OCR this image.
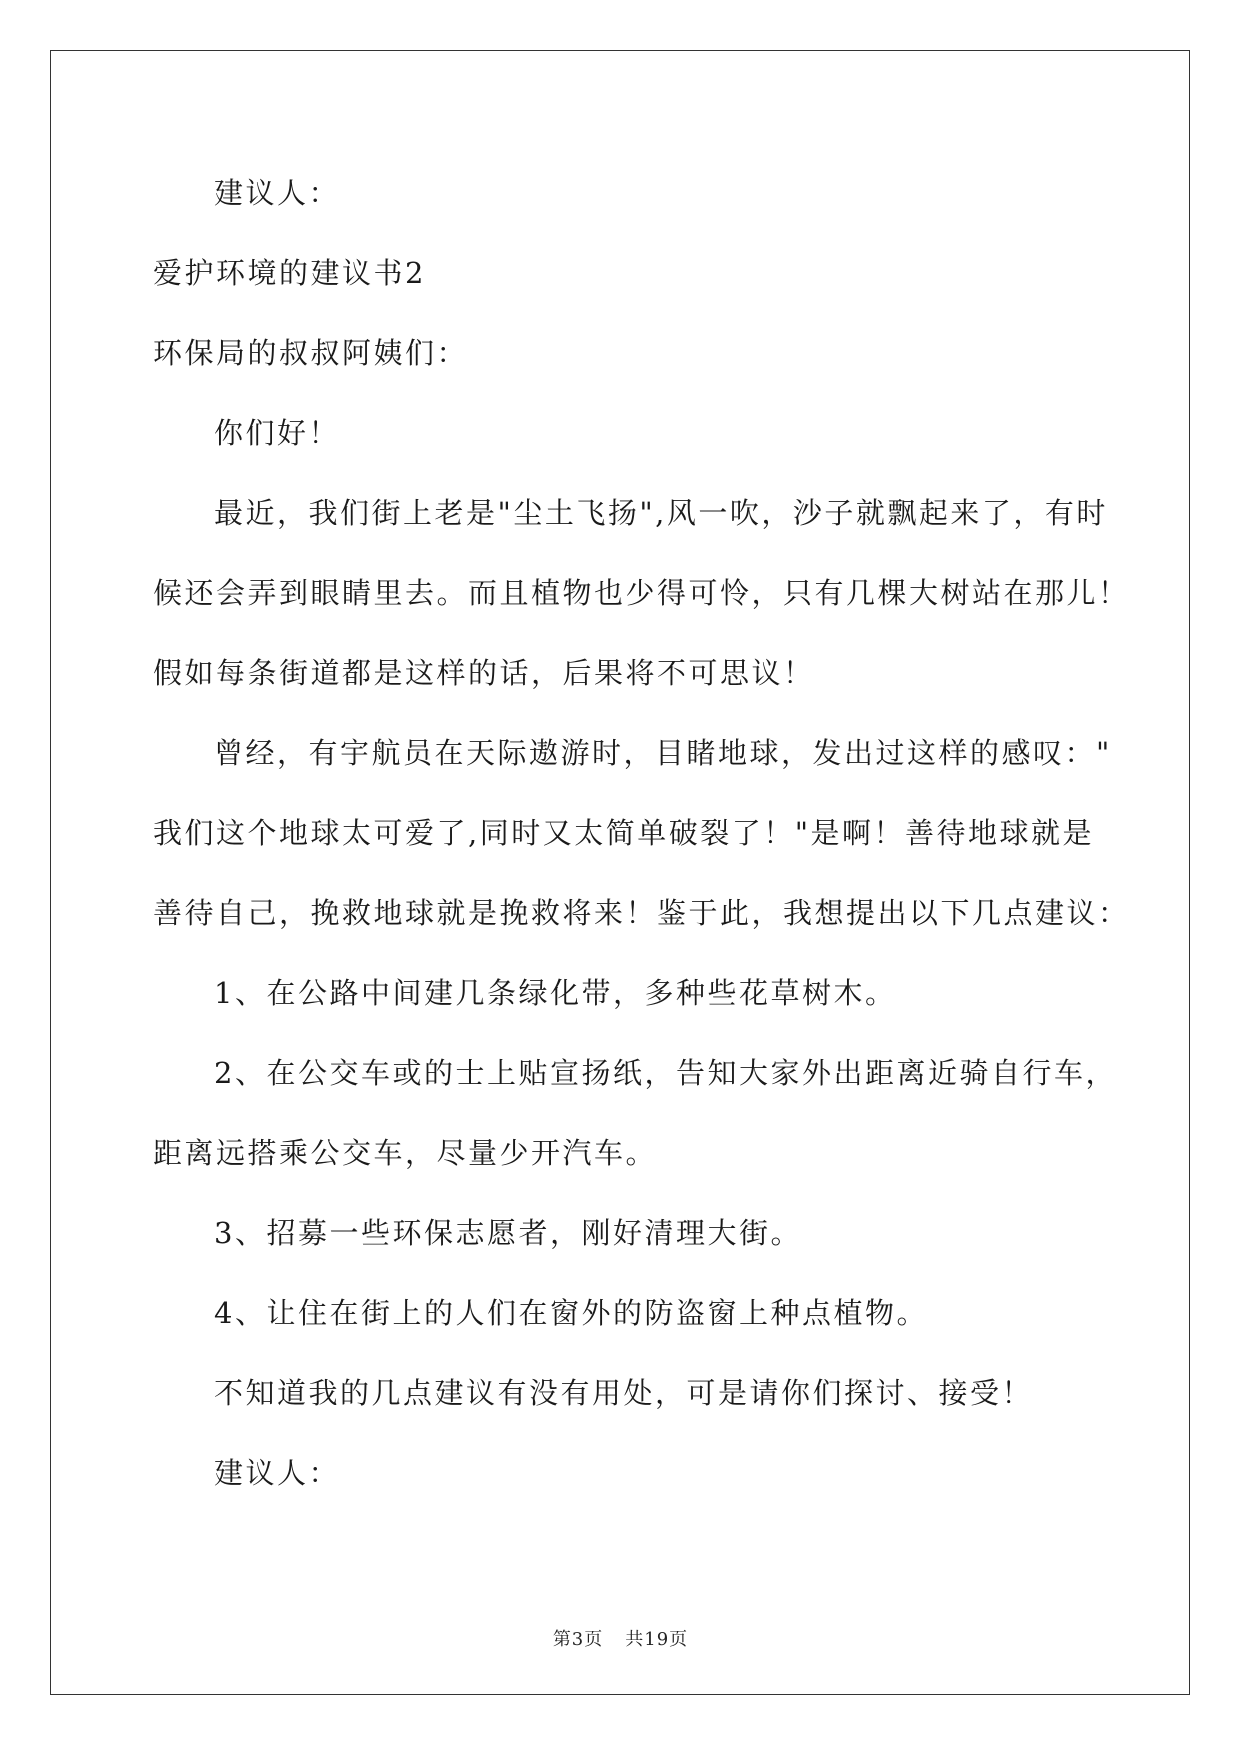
建议人：
爱护环境的建议书2
环保局的叔叔阿姨们：
你们好！
最近，我们街上老是"尘土飞扬",风一吹，沙子就飘起来了，有时
候还会弄到眼睛里去。而且植物也少得可怜，只有几棵大树站在那儿！
假如每条街道都是这样的话，后果将不可思议！
曾经，有宇航员在天际遨游时，目睹地球，发出过这样的感叹："
我们这个地球太可爱了,同时又太简单破裂了！"是啊！善待地球就是
善待自己，挽救地球就是挽救将来！鉴于此，我想提出以下几点建议：
1、在公路中间建几条绿化带，多种些花草树木。
2、在公交车或的士上贴宣扬纸，告知大家外出距离近骑自行车，
距离远搭乘公交车，尽量少开汽车。
3、招募一些环保志愿者，刚好清理大街。
4、让住在街上的人们在窗外的防盗窗上种点植物。
不知道我的几点建议有没有用处，可是请你们探讨、接受！
建议人：
第3页 共19页
